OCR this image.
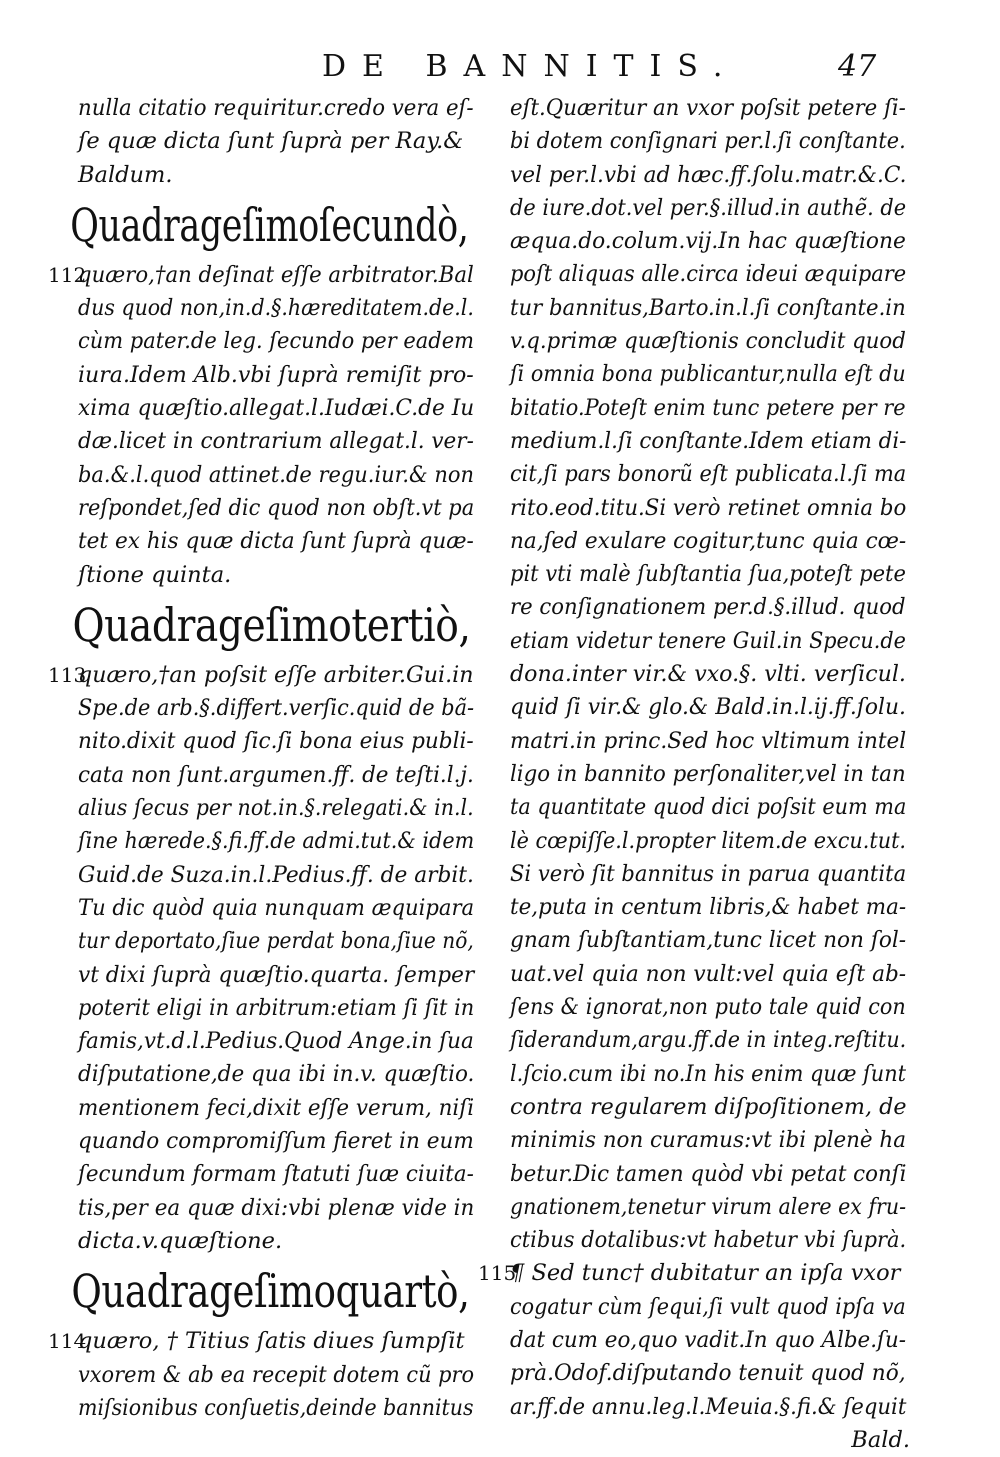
DE BANNITIS.	47
nulla citatio requiritur.credo vera eſ-
ſe quæ dicta ſunt ſuprà per Ray.&
Baldum.
Quadrageſimoſecundò,
112
quæro,†an deſinat eſſe arbitrator.Bal
dus quod non,in.d.§.hæreditatem.de.l.
cùm pater.de leg. ſecundo per eadem
iura.Idem Alb.vbi ſuprà remiſit pro-
xima quæſtio.allegat.l.Iudæi.C.de Iu
dæ.licet in contrarium allegat.l. ver-
ba.&.l.quod attinet.de regu.iur.& non
reſpondet,ſed dic quod non obſt.vt pa
tet ex his quæ dicta ſunt ſuprà quæ-
ſtione quinta.
Quadrageſimotertiò,
113
quæro,†an poſsit eſſe arbiter.Gui.in
Spe.de arb.§.differt.verſic.quid de bã-
nito.dixit quod ſic.ſi bona eius publi-
cata non ſunt.argumen.ff. de teſti.l.j.
alius ſecus per not.in.§.relegati.& in.l.
ſine hærede.§.fi.ff.de admi.tut.& idem
Guid.de Suza.in.l.Pedius.ff. de arbit.
Tu dic quòd quia nunquam æquipara
tur deportato,ſiue perdat bona,ſiue nõ,
vt dixi ſuprà quæſtio.quarta. ſemper
poterit eligi in arbitrum:etiam ſi ſit in
famis,vt.d.l.Pedius.Quod Ange.in ſua
diſputatione,de qua ibi in.v. quæſtio.
mentionem feci,dixit eſſe verum, niſi
quando compromiſſum fieret in eum
ſecundum formam ſtatuti ſuæ ciuita-
tis,per ea quæ dixi:vbi plenæ vide in
dicta.v.quæſtione.
Quadrageſimoquartò,
114
quæro, † Titius ſatis diues ſumpſit
vxorem & ab ea recepit dotem cũ pro
miſsionibus conſuetis,deinde bannitus
eſt.Quæritur an vxor poſsit petere ſi-
bi dotem conſignari per.l.ſi conſtante.
vel per.l.vbi ad hæc.ff.ſolu.matr.&.C.
de iure.dot.vel per.§.illud.in authẽ. de
æqua.do.colum.vij.In hac quæſtione
poſt aliquas alle.circa ideui æquipare
tur bannitus,Barto.in.l.ſi conſtante.in
v.q.primæ quæſtionis concludit quod
ſi omnia bona publicantur,nulla eſt du
bitatio.Poteſt enim tunc petere per re
medium.l.ſi conſtante.Idem etiam di-
cit,ſi pars bonorũ eſt publicata.l.ſi ma
rito.eod.titu.Si verò retinet omnia bo
na,ſed exulare cogitur,tunc quia cœ-
pit vti malè ſubſtantia ſua,poteſt pete
re conſignationem per.d.§.illud. quod
etiam videtur tenere Guil.in Specu.de
dona.inter vir.& vxo.§. vlti. verſicul.
quid ſi vir.& glo.& Bald.in.l.ij.ff.ſolu.
matri.in princ.Sed hoc vltimum intel
ligo in bannito perſonaliter,vel in tan
ta quantitate quod dici poſsit eum ma
lè cœpiſſe.l.propter litem.de excu.tut.
Si verò ſit bannitus in parua quantita
te,puta in centum libris,& habet ma-
gnam ſubſtantiam,tunc licet non ſol-
uat.vel quia non vult:vel quia eſt ab-
ſens & ignorat,non puto tale quid con
ſiderandum,argu.ff.de in integ.reſtitu.
l.ſcio.cum ibi no.In his enim quæ ſunt
contra regularem diſpoſitionem, de
minimis non curamus:vt ibi plenè ha
betur.Dic tamen quòd vbi petat conſi
gnationem,tenetur virum alere ex fru-
ctibus dotalibus:vt habetur vbi ſuprà.
115
¶ Sed tunc† dubitatur an ipſa vxor
cogatur cùm ſequi,ſi vult quod ipſa va
dat cum eo,quo vadit.In quo Albe.ſu-
prà.Odof.diſputando tenuit quod nõ,
ar.ff.de annu.leg.l.Meuia.§.fi.& ſequit
Bald.
